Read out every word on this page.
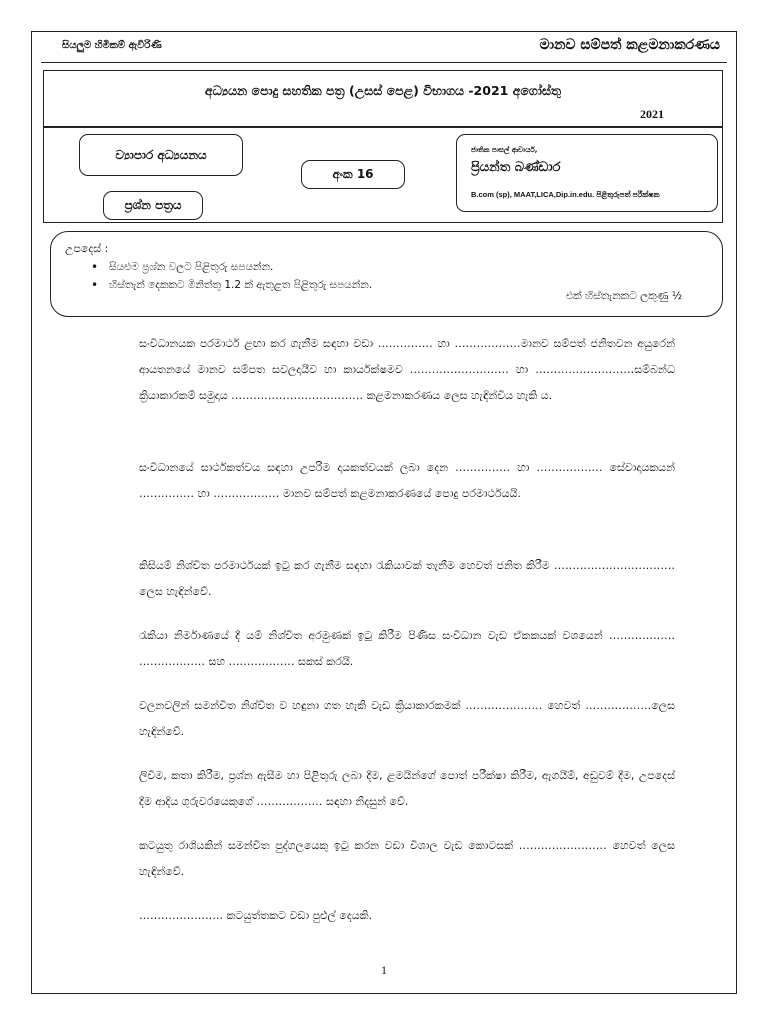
සියලුම හිමිකම් ඇවිරිණි	මානව සම්පත් කළමනාකරණය
අධ්‍යයන පොදු සහතික පත්‍ර (උසස් පෙළ) විභාගය -2021 අගෝස්තු
2021
ව්‍යාපාර අධ්‍යයනය
ප්‍රශ්න පත්‍රය
අංක 16
ජාතික පාසල් ආචාර්ය,
ප්‍රියන්ත බණ්ඩාර
B.com (sp), MAAT,LICA,Dip.in.edu. පිළිතුරුපත් පරීක්ෂක
උපදෙස් :
• සියළුම ප්‍රශ්න වලට පිළිතුරු සපයන්න.
• හිස්තැන් දෙකකට මිනිත්තු 1.2 ක් ඇතුළත පිළිතුරු සපයන්න.
එක් හිස්තැනකට ලකුණු ½

සංවිධානයක පරමාර්ථ ළඟා කර ගැනීම සඳහා වඩා …………… හා ………………මානව සම්පත් ජනිතවන අයුරෙන් ආයතනයේ මානව සම්පත සවලදායීව හා කාර්යක්ෂමව ……………………… හා ………………………සම්බන්ධ ක්‍රියාකාරකම් සමුදාය ……………………………… කළමනාකරණය ලෙස හැඳින්විය හැකි ය.

සංවිධානයේ සාර්ථකත්වය සඳහා උපරිම දායකත්වයක් ලබා දෙන …………… හා ……………… සේවාදායකයන් …………… හා ……………… මානව සම්පත් කළමනාකරණයේ පොදු පරමාර්ථයයි.

කිසියම් නිශ්චිත පරමාර්ථයක් ඉටු කර ගැනීම සඳහා රැකියාවක් තැනීම හෙවත් ජනිත කිරීම ……………………………ලෙස හැඳින්වේ.

රැකියා නිර්මාණයේ දී යම් නිශ්චිත අරමුණක් ඉටු කිරීම පිණිස සංවිධාන වැඩ ඒකකයක් වශයෙන් ……………… ……………… සහ ……………… සකස් කරයි.

වලනවලින් සමන්විත නිශ්චිත ව හඳුනා ගත හැකි වැඩ ක්‍රියාකාරකමක් ………………… හෙවත් ………………ලෙස හැඳින්වේ.

ලිවීම, කතා කිරීම, ප්‍රශ්න ඇසීම හා පිළිතුරු ලබා දීම, ළමයින්ගේ පොත් පරීක්ෂා කිරීම, ඇගයීම්, අඩුවම් දීම, උපදෙස් දීම ආදිය ගුරුවරයෙකුගේ ……………… සඳහා නිදසුන් වේ.

කටයුතු රාශියකින් සමන්විත පුද්ගලයෙකු ඉටු කරන වඩා විශාල වැඩ කොටසක් …………………… හෙවත් ලෙස හැඳින්වේ.

………………….. කටයුත්තකට වඩා පුළුල් දෙයකි.

1
